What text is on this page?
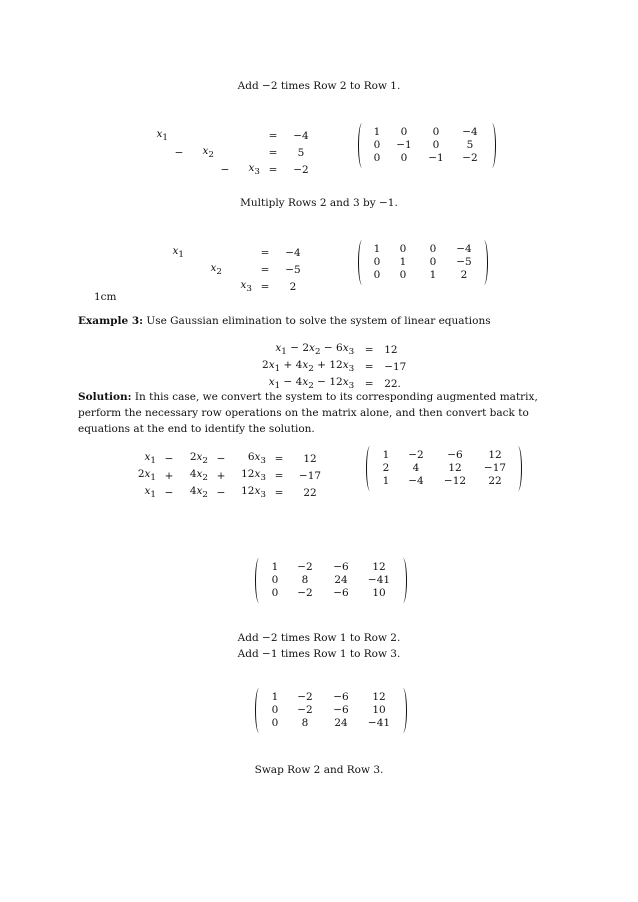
Add −2 times Row 2 to Row 1.
$x_1$					=	−4
	−	$x_2$			=	5
			−	$x_3$	=	−2
1	0	0	−4
0	−1	0	5
0	0	−1	−2
Multiply Rows 2 and 3 by −1.
$x_1$			=	−4
	$x_2$		=	−5
		$x_3$	=	2
1	0	0	−4
0	1	0	−5
0	0	1	2
1cm
Example 3: Use Gaussian elimination to solve the system of linear equations
$x_1 - 2x_2 - 6x_3$	=	12
$2x_1 + 4x_2 + 12x_3$	=	−17
$x_1 - 4x_2 - 12x_3$	=	22.
Solution: In this case, we convert the system to its corresponding augmented matrix, perform the necessary row operations on the matrix alone, and then convert back to equations at the end to identify the solution.
$x_1$	−	$2x_2$	−	$6x_3$	=	12
$2x_1$	+	$4x_2$	+	$12x_3$	=	−17
$x_1$	−	$4x_2$	−	$12x_3$	=	22
1	−2	−6	12
2	4	12	−17
1	−4	−12	22
1	−2	−6	12
0	8	24	−41
0	−2	−6	10
Add −2 times Row 1 to Row 2.
Add −1 times Row 1 to Row 3.
1	−2	−6	12
0	−2	−6	10
0	8	24	−41
Swap Row 2 and Row 3.
